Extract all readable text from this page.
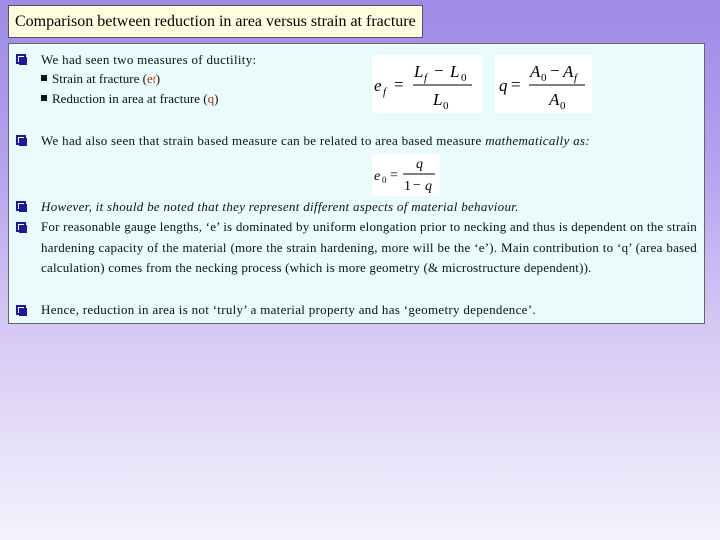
Comparison between reduction in area versus strain at fracture
We had seen two measures of ductility:
Strain at fracture (ef)
Reduction in area at fracture (q)
e f =
L f − L 0
L 0
q =
A 0 − A f
A 0
We had also seen that strain based measure can be related to area based measure mathematically as:
e 0 =
q
1 − q
However, it should be noted that they represent different aspects of material behaviour.
For reasonable gauge lengths, ‘e’ is dominated by uniform elongation prior to necking and thus is dependent on the strain hardening capacity of the material (more the strain hardening, more will be the ‘e’). Main contribution to ‘q’ (area based calculation) comes from the necking process (which is more geometry (& microstructure dependent)).
Hence, reduction in area is not ‘truly’ a material property and has ‘geometry dependence’.
